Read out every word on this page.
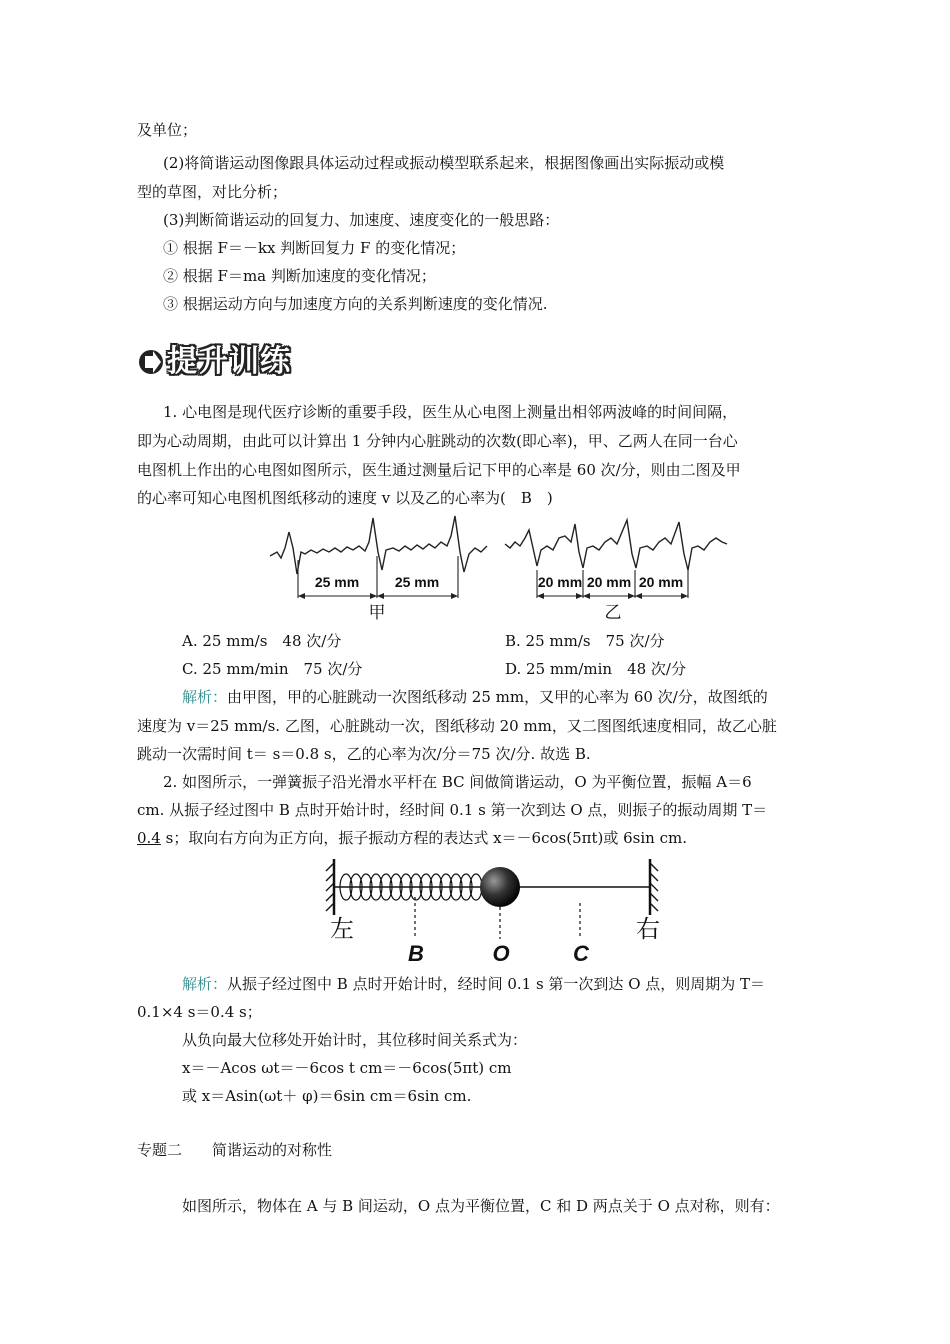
及单位；
(2)将简谐运动图像跟具体运动过程或振动模型联系起来，根据图像画出实际振动或模
型的草图，对比分析；
(3)判断简谐运动的回复力、加速度、速度变化的一般思路：
① 根据 F＝－kx 判断回复力 F 的变化情况；
② 根据 F＝ma 判断加速度的变化情况；
③ 根据运动方向与加速度方向的关系判断速度的变化情况.
提升训练
1. 心电图是现代医疗诊断的重要手段，医生从心电图上测量出相邻两波峰的时间间隔，
即为心动周期，由此可以计算出 1 分钟内心脏跳动的次数(即心率)，甲、乙两人在同一台心
电图机上作出的心电图如图所示，医生通过测量后记下甲的心率是 60 次/分，则由二图及甲
的心率可知心电图机图纸移动的速度 v 以及乙的心率为(　B　)
25 mm	25 mm	20 mm 20 mm 20 mm
甲	乙
A. 25 mm/s　48 次/分	B. 25 mm/s　75 次/分
C. 25 mm/min　75 次/分	D. 25 mm/min　48 次/分
解析：由甲图，甲的心脏跳动一次图纸移动 25 mm，又甲的心率为 60 次/分，故图纸的
速度为 v＝25 mm/s. 乙图，心脏跳动一次，图纸移动 20 mm，又二图图纸速度相同，故乙心脏
跳动一次需时间 t＝ s＝0.8 s，乙的心率为次/分＝75 次/分. 故选 B.
2. 如图所示，一弹簧振子沿光滑水平杆在 BC 间做简谐运动，O 为平衡位置，振幅 A＝6
cm. 从振子经过图中 B 点时开始计时，经时间 0.1 s 第一次到达 O 点，则振子的振动周期 T＝
0.4 s；取向右方向为正方向，振子振动方程的表达式 x＝－6cos(5πt)或 6sin cm.
左	右
B	O	C
解析：从振子经过图中 B 点时开始计时，经时间 0.1 s 第一次到达 O 点，则周期为 T＝
0.1×4 s＝0.4 s；
从负向最大位移处开始计时，其位移时间关系式为：
x＝－Acos ωt＝－6cos t cm＝－6cos(5πt) cm
或 x＝Asin(ωt＋ φ)＝6sin cm＝6sin cm.
专题二　　简谐运动的对称性
如图所示，物体在 A 与 B 间运动，O 点为平衡位置，C 和 D 两点关于 O 点对称，则有：
